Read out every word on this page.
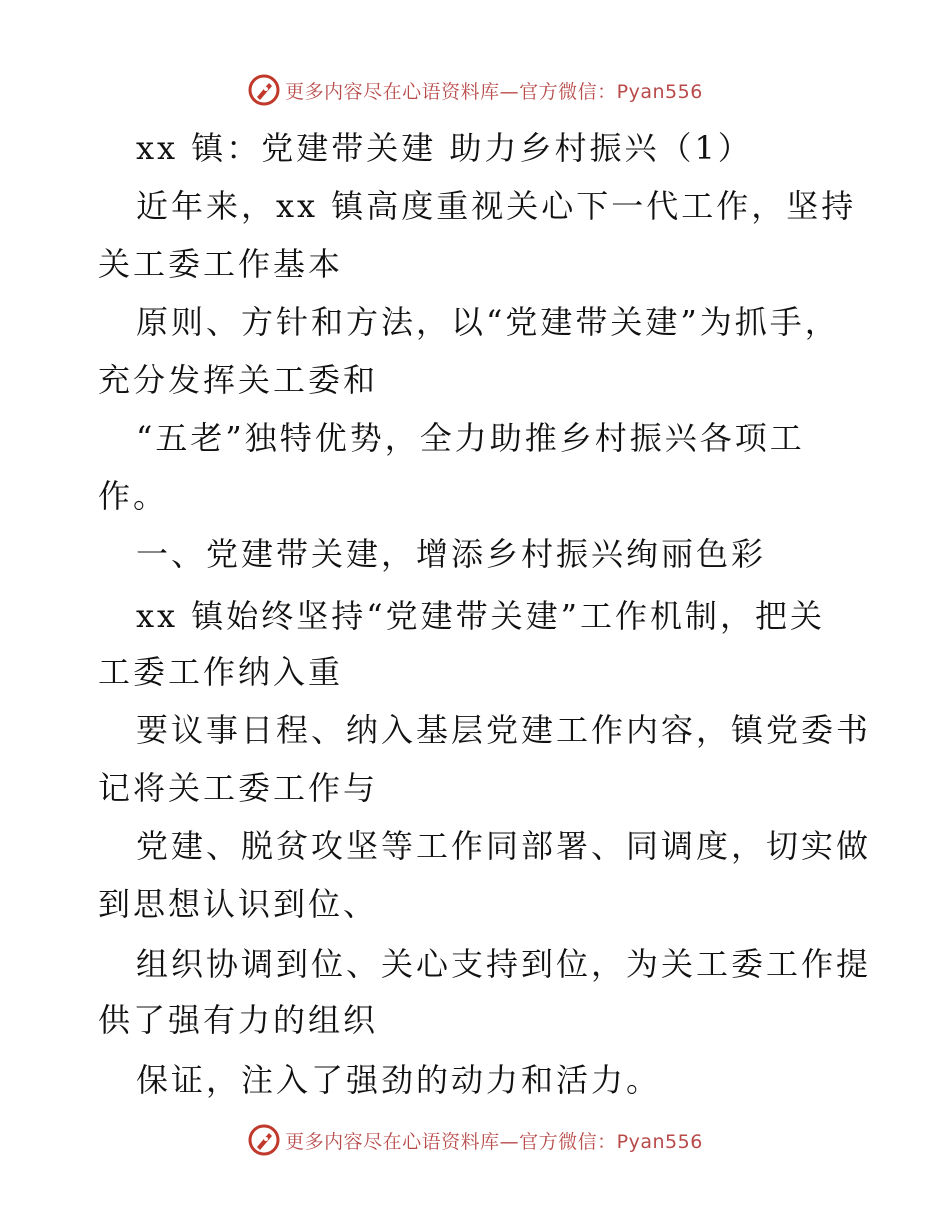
更多内容尽在心语资料库—官方微信：Pyan556
xx 镇：党建带关建 助力乡村振兴（1）
近年来，xx 镇高度重视关心下一代工作，坚持
关工委工作基本
原则、方针和方法，以“党建带关建”为抓手，
充分发挥关工委和
“五老”独特优势，全力助推乡村振兴各项工
作。
一、党建带关建，增添乡村振兴绚丽色彩
xx 镇始终坚持“党建带关建”工作机制，把关
工委工作纳入重
要议事日程、纳入基层党建工作内容，镇党委书
记将关工委工作与
党建、脱贫攻坚等工作同部署、同调度，切实做
到思想认识到位、
组织协调到位、关心支持到位，为关工委工作提
供了强有力的组织
保证，注入了强劲的动力和活力。
更多内容尽在心语资料库—官方微信：Pyan556
